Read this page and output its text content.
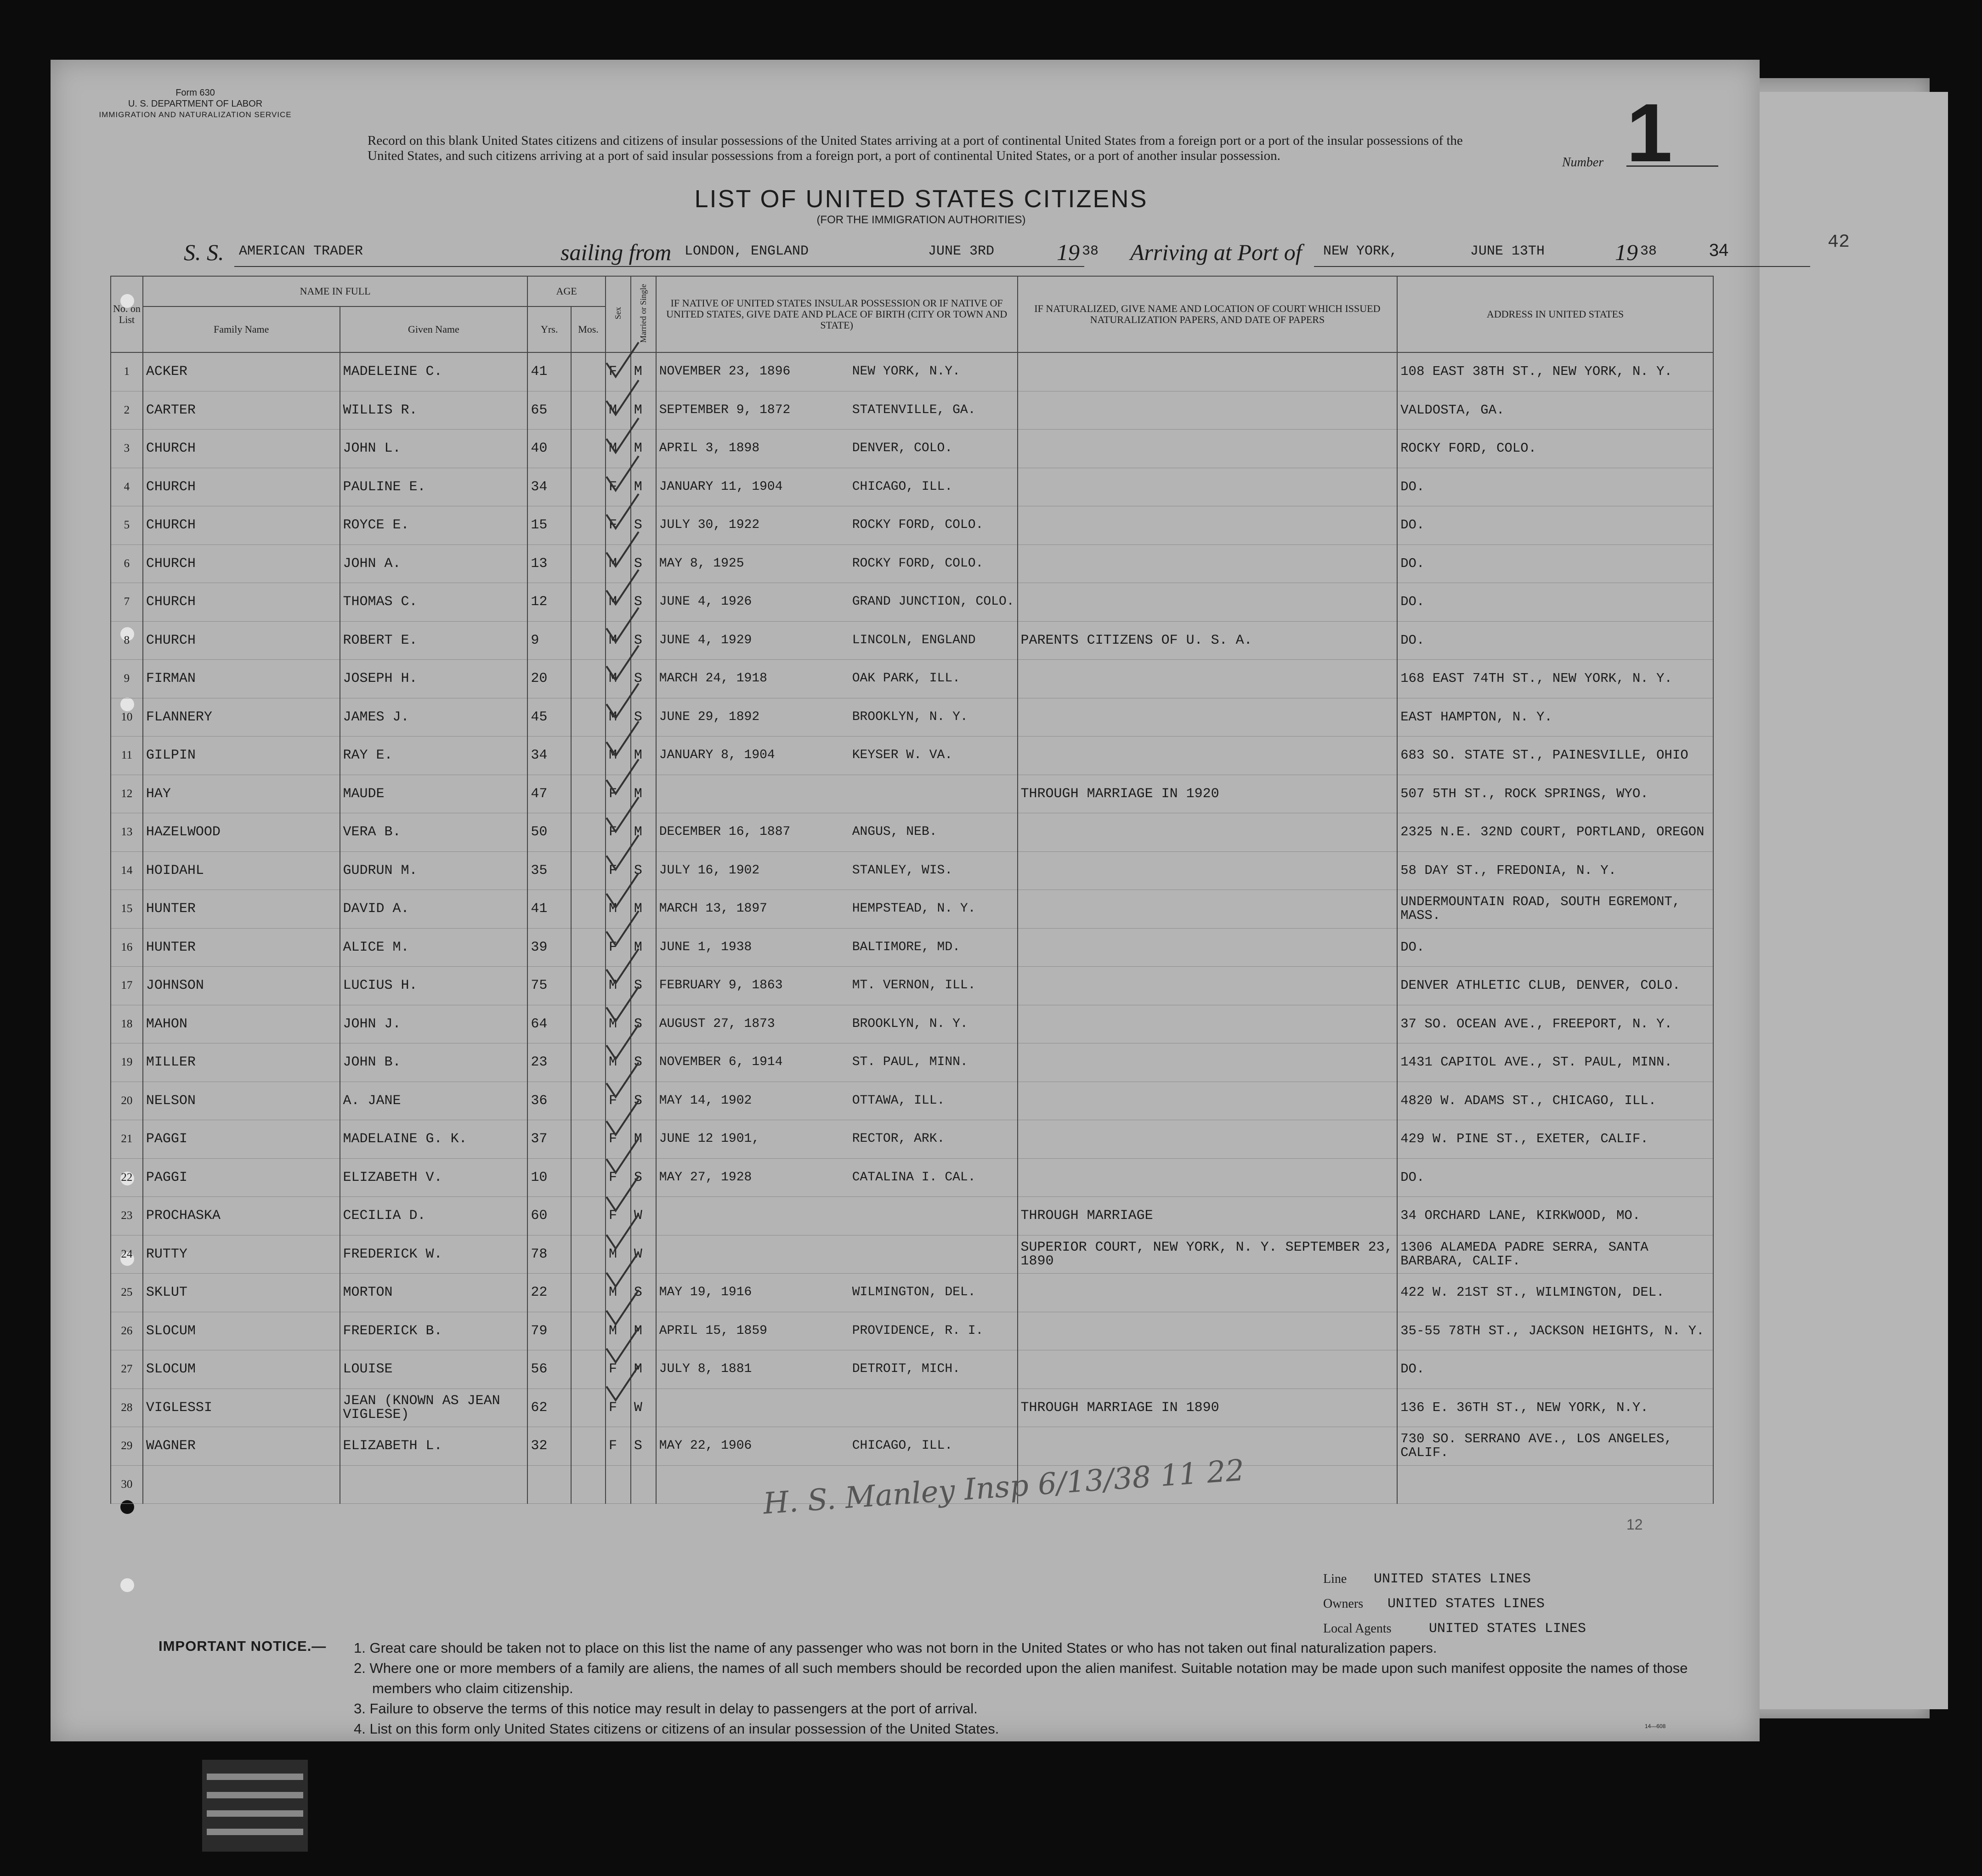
42
Form 630
U. S. DEPARTMENT OF LABOR
IMMIGRATION AND NATURALIZATION SERVICE
Record on this blank United States citizens and citizens of insular possessions of the United States arriving at a port of continental United States from a foreign port or a port of the insular possessions of the United States, and such citizens arriving at a port of said insular possessions from a foreign port, a port of continental United States, or a port of another insular possession.	Number 1
LIST OF UNITED STATES CITIZENS
(FOR THE IMMIGRATION AUTHORITIES)
S. S. AMERICAN TRADER	sailing from LONDON, ENGLAND	JUNE 3RD	19 38 Arriving at Port of NEW YORK,	JUNE 13TH	19 38	34
No. on List	NAME IN FULL		AGE		Sex	Married or Single	IF NATIVE OF UNITED STATES INSULAR POSSESSION OR IF NATIVE OF UNITED STATES, GIVE DATE AND PLACE OF BIRTH (CITY OR TOWN AND STATE)	IF NATURALIZED, GIVE NAME AND LOCATION OF COURT WHICH ISSUED NATURALIZATION PAPERS, AND DATE OF PAPERS	ADDRESS IN UNITED STATES
	Family Name	Given Name	Yrs.	Mos.					
1	ACKER	MADELEINE C.	41		F	M	NOVEMBER 23, 1896 NEW YORK, N.Y.		108 EAST 38TH ST., NEW YORK, N. Y.
2	CARTER	WILLIS R.	65		M	M	SEPTEMBER 9, 1872 STATENVILLE, GA.		VALDOSTA, GA.
3	CHURCH	JOHN L.	40		M	M	APRIL 3, 1898 DENVER, COLO.		ROCKY FORD, COLO.
4	CHURCH	PAULINE E.	34		F	M	JANUARY 11, 1904 CHICAGO, ILL.		DO.
5	CHURCH	ROYCE E.	15		F	S	JULY 30, 1922 ROCKY FORD, COLO.		DO.
6	CHURCH	JOHN A.	13		M	S	MAY 8, 1925 ROCKY FORD, COLO.		DO.
7	CHURCH	THOMAS C.	12		M	S	JUNE 4, 1926 GRAND JUNCTION, COLO.		DO.
8	CHURCH	ROBERT E.	9		M	S	JUNE 4, 1929 LINCOLN, ENGLAND	PARENTS CITIZENS OF U. S. A.	DO.
9	FIRMAN	JOSEPH H.	20		M	S	MARCH 24, 1918 OAK PARK, ILL.		168 EAST 74TH ST., NEW YORK, N. Y.
10	FLANNERY	JAMES J.	45		M	S	JUNE 29, 1892 BROOKLYN, N. Y.		EAST HAMPTON, N. Y.
11	GILPIN	RAY E.	34		M	M	JANUARY 8, 1904 KEYSER W. VA.		683 SO. STATE ST., PAINESVILLE, OHIO
12	HAY	MAUDE	47		F	M		THROUGH MARRIAGE IN 1920	507 5TH ST., ROCK SPRINGS, WYO.
13	HAZELWOOD	VERA B.	50		F	M	DECEMBER 16, 1887 ANGUS, NEB.		2325 N.E. 32ND COURT, PORTLAND, OREGON
14	HOIDAHL	GUDRUN M.	35		F	S	JULY 16, 1902 STANLEY, WIS.		58 DAY ST., FREDONIA, N. Y.
15	HUNTER	DAVID A.	41		M	M	MARCH 13, 1897 HEMPSTEAD, N. Y.		UNDERMOUNTAIN ROAD, SOUTH EGREMONT, MASS.
16	HUNTER	ALICE M.	39		F	M	JUNE 1, 1938 BALTIMORE, MD.		DO.
17	JOHNSON	LUCIUS H.	75		M	S	FEBRUARY 9, 1863 MT. VERNON, ILL.		DENVER ATHLETIC CLUB, DENVER, COLO.
18	MAHON	JOHN J.	64		M	S	AUGUST 27, 1873 BROOKLYN, N. Y.		37 SO. OCEAN AVE., FREEPORT, N. Y.
19	MILLER	JOHN B.	23		M	S	NOVEMBER 6, 1914 ST. PAUL, MINN.		1431 CAPITOL AVE., ST. PAUL, MINN.
20	NELSON	A. JANE	36		F	S	MAY 14, 1902 OTTAWA, ILL.		4820 W. ADAMS ST., CHICAGO, ILL.
21	PAGGI	MADELAINE G. K.	37		F	M	JUNE 12 1901, RECTOR, ARK.		429 W. PINE ST., EXETER, CALIF.
22	PAGGI	ELIZABETH V.	10		F	S	MAY 27, 1928 CATALINA I. CAL.		DO.
23	PROCHASKA	CECILIA D.	60		F	W		THROUGH MARRIAGE	34 ORCHARD LANE, KIRKWOOD, MO.
24	RUTTY	FREDERICK W.	78		M	W		SUPERIOR COURT, NEW YORK, N. Y. SEPTEMBER 23, 1890	1306 ALAMEDA PADRE SERRA, SANTA BARBARA, CALIF.
25	SKLUT	MORTON	22		M	S	MAY 19, 1916 WILMINGTON, DEL.		422 W. 21ST ST., WILMINGTON, DEL.
26	SLOCUM	FREDERICK B.	79		M	M	APRIL 15, 1859 PROVIDENCE, R. I.		35-55 78TH ST., JACKSON HEIGHTS, N. Y.
27	SLOCUM	LOUISE	56		F	M	JULY 8, 1881 DETROIT, MICH.		DO.
28	VIGLESSI	JEAN (KNOWN AS JEAN VIGLESE)	62		F	W		THROUGH MARRIAGE IN 1890	136 E. 36TH ST., NEW YORK, N.Y.
29	WAGNER	ELIZABETH L.	32		F	S	MAY 22, 1906 CHICAGO, ILL.		730 SO. SERRANO AVE., LOS ANGELES, CALIF.
30										H. S. Manley Insp 6/13/38 11 22
12
Line UNITED STATES LINES
Owners UNITED STATES LINES
Local Agents	UNITED STATES LINES
IMPORTANT NOTICE.— 1. Great care should be taken not to place on this list the name of any passenger who was not born in the United States or who has not taken out final naturalization papers.
2. Where one or more members of a family are aliens, the names of all such members should be recorded upon the alien manifest. Suitable notation may be made upon such manifest opposite the names of those members who claim citizenship.
3. Failure to observe the terms of this notice may result in delay to passengers at the port of arrival.
4. List on this form only United States citizens or citizens of an insular possession of the United States.	14—608
